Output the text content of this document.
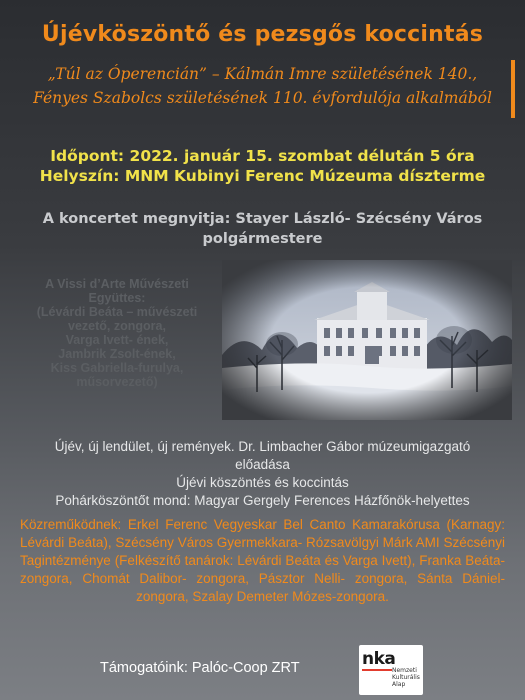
Újévköszöntő és pezsgős koccintás
„Túl az Óperencián” – Kálmán Imre születésének 140.,
Fényes Szabolcs születésének 110. évfordulója alkalmából
Időpont: 2022. január 15. szombat délután 5 óra
Helyszín: MNM Kubinyi Ferenc Múzeuma díszterme
A koncertet megnyitja: Stayer László- Szécsény Város
polgármestere
A Vissi d’Arte Művészeti
Együttes:
(Lévárdi Beáta – művészeti
vezető, zongora,
Varga Ivett- ének,
Jambrik Zsolt-ének,
Kiss Gabriella-furulya,
műsorvezető)
Újév, új lendület, új remények. Dr. Limbacher Gábor múzeumigazgató
előadása
Újévi köszöntés és koccintás
Pohárköszöntőt mond: Magyar Gergely Ferences Házfőnök-helyettes
Közreműködnek: Erkel Ferenc Vegyeskar Bel Canto Kamarakórusa (Karnagy: Lévárdi Beáta), Szécsény Város Gyermekkara- Rózsavölgyi Márk AMI Szécsényi Tagintézménye (Felkészítő tanárok: Lévárdi Beáta és Varga Ivett), Franka Beáta-zongora, Chomát Dalibor- zongora, Pásztor Nelli- zongora, Sánta Dániel- zongora, Szalay Demeter Mózes-zongora.
Támogatóink: Palóc-Coop ZRT	nka
Nemzeti
Kulturális Alap
